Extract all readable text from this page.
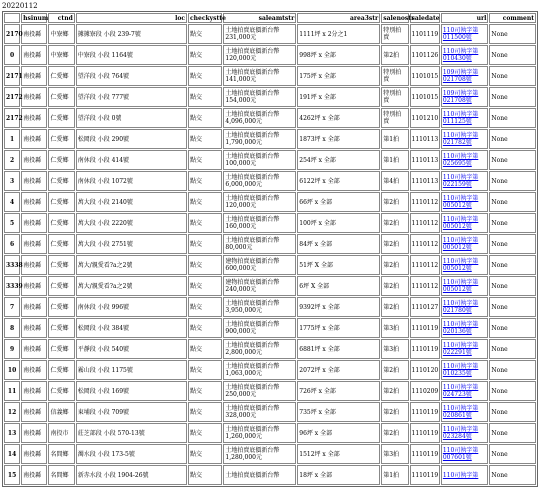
20220112
	hsinum	ctnd	loc	checkystte	saleamtstr	area3str	salenostr	saledate	url	comment
2170	南投縣	中寮鄉	據據寮段 小段 239-7號	點交	土地拍賣底價新台幣231,000元	1111坪 x 2分之1	特別拍賣	1101119	110司執字第011500號	None
0	南投縣	中寮鄉	中寮段 小段 1164號	點交	土地拍賣底價新台幣120,000元	998坪 x 全部	第2拍	1101126	110司執字第010430號	None
2171	南投縣	仁愛鄉	望洋段 小段 764號	點交	土地拍賣底價新台幣141,000元	175坪 x 全部	特別拍賣	1101015	109司執字第021708號	None
2172	南投縣	仁愛鄉	望洋段 小段 777號	點交	土地拍賣底價新台幣154,000元	191坪 x 全部	特別拍賣	1101015	109司執字第021708號	None
2172	南投縣	仁愛鄉	望洋段 小段 0號	點交	土地拍賣底價新台幣4,096,000元	4262坪 x 全部	特別拍賣	1101210	110司執字第011125號	None
1	南投縣	仁愛鄉	松岡段 小段 290號	點交	土地拍賣底價新台幣1,790,000元	1873坪 x 全部	第1拍	1110113	110司執字第021782號	None
2	南投縣	仁愛鄉	南休段 小段 414號	點交	土地拍賣底價新台幣100,000元	254坪 x 全部	第1拍	1110113	110司執字第025695號	None
3	南投縣	仁愛鄉	南休段 小段 1072號	點交	土地拍賣底價新台幣6,000,000元	6122坪 x 全部	第4拍	1110113	110司執字第022159號	None
4	南投縣	仁愛鄉	萬大段 小段 2140號	點交	土地拍賣底價新台幣120,000元	66坪 x 全部	第2拍	1110112	110司執字第005012號	None
5	南投縣	仁愛鄉	萬大段 小段 2220號	點交	土地拍賣底價新台幣160,000元	100坪 x 全部	第2拍	1110112	110司執字第005012號	None
6	南投縣	仁愛鄉	萬大段 小段 2751號	點交	土地拍賣底價新台幣80,000元	84坪 x 全部	第2拍	1110112	110司執字第005012號	None
3338	南投縣	仁愛鄉	萬大/親愛看?a之2號	點交	建物拍賣底價新台幣600,000元	51坪 X 全部	第2拍	1110112	110司執字第005012號	None
3339	南投縣	仁愛鄉	萬大/親愛看?a之2號	點交	建物拍賣底價新台幣240,000元	6坪 X 全部	第2拍	1110112	110司執字第005012號	None
7	南投縣	仁愛鄉	南休段 小段 996號	點交	土地拍賣底價新台幣3,950,000元	9392坪 x 全部	第2拍	1110127	110司執字第021780號	None
8	南投縣	仁愛鄉	松岡段 小段 384號	點交	土地拍賣底價新台幣900,000元	1775坪 x 全部	第3拍	1110119	110司執字第020136號	None
9	南投縣	仁愛鄉	平靜段 小段 540號	點交	土地拍賣底價新台幣2,800,000元	6881坪 x 全部	第3拍	1110119	110司執字第022291號	None
10	南投縣	仁愛鄉	霧山段 小段 1175號	點交	土地拍賣底價新台幣1,063,000元	2072坪 x 全部	第2拍	1110120	110司執字第010235號	None
11	南投縣	仁愛鄉	松岡段 小段 169號	點交	土地拍賣底價新台幣250,000元	726坪 x 全部	第2拍	1110209	110司執字第024723號	None
12	南投縣	信義鄉	東埔段 小段 709號	點交	土地拍賣底價新台幣328,000元	735坪 x 全部	第2拍	1110119	110司執字第020861號	None
13	南投縣	南投市	莊芝部段 小段 570-13號	點交	土地拍賣底價新台幣1,260,000元	96坪 x 全部	第2拍	1110119	110司執字第023284號	None
14	南投縣	名間鄉	濁水段 小段 173-5號	點交	土地拍賣底價新台幣1,280,000元	1512坪 x 全部	第3拍	1110119	110司執字第007601號	None
15	南投縣	名間鄉	新赤水段 小段 1904-26號	點交	土地拍賣底價新台幣	18坪 x 全部	第1拍	1110119	110司執字第	None
